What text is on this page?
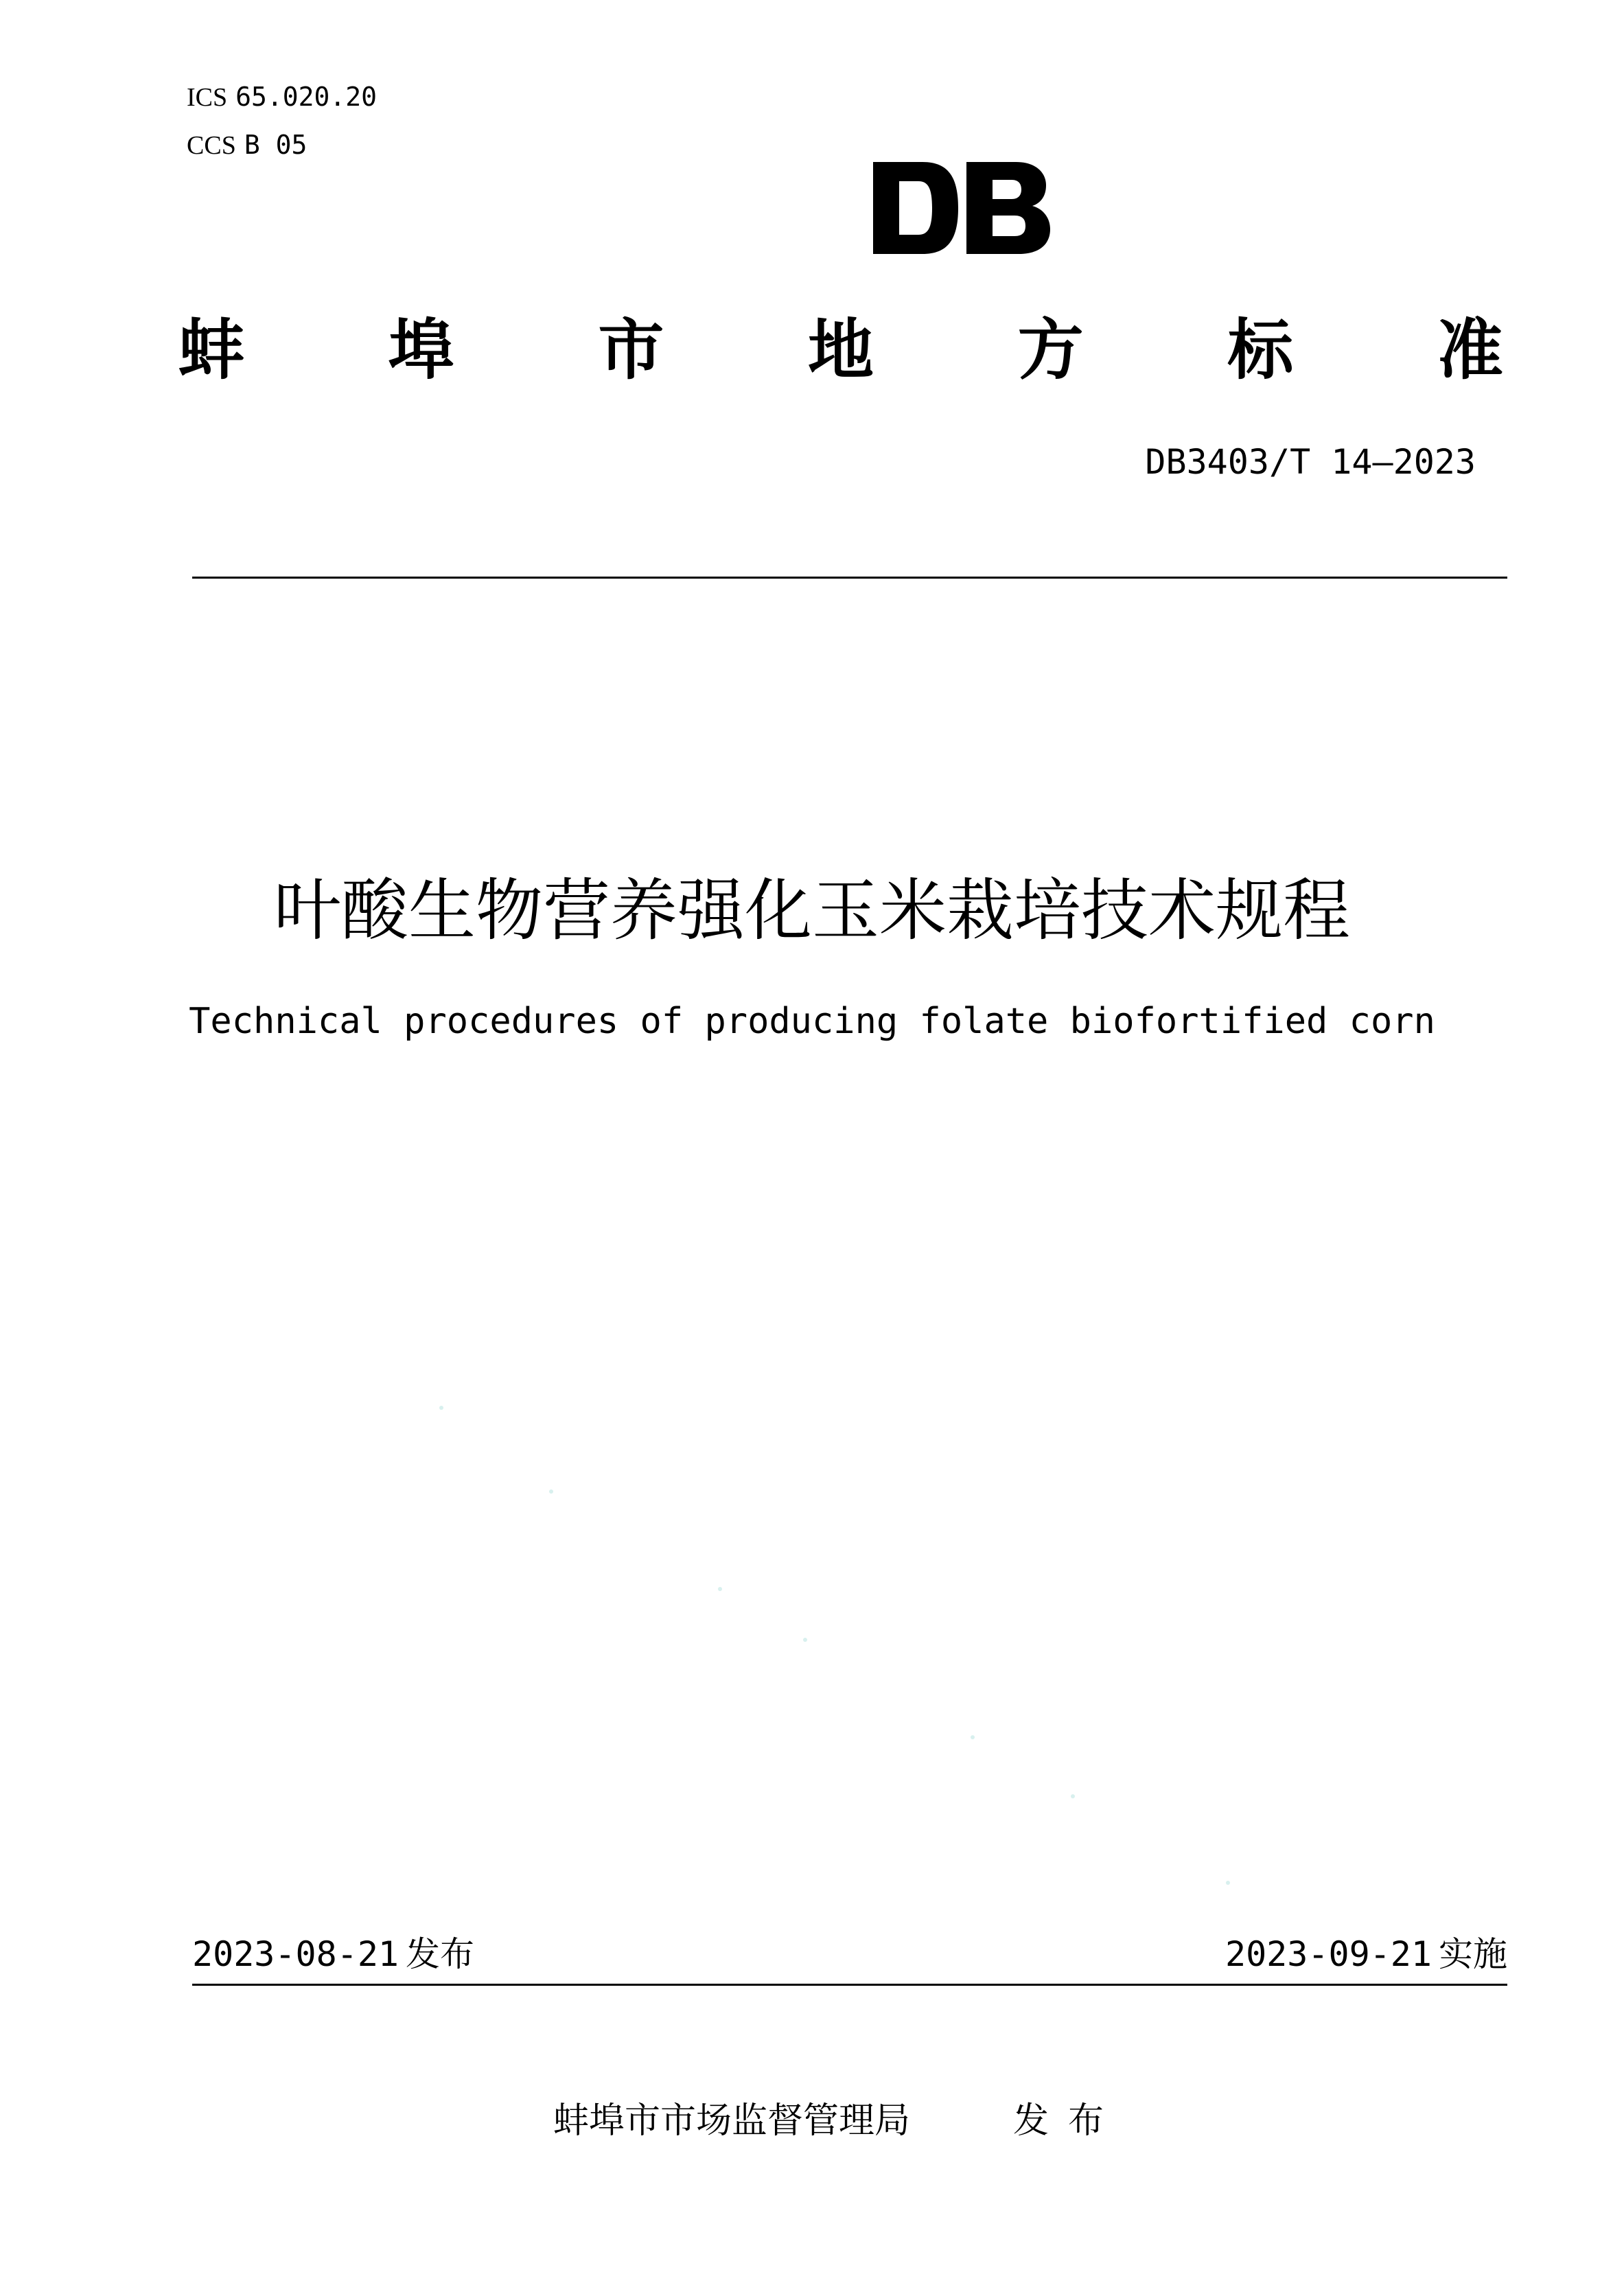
ICS 65.020.20
CCS B 05
蚌 埠 市 地 方 标 准
DB3403/T 14—2023
叶酸生物营养强化玉米栽培技术规程
Technical procedures of producing folate biofortified corn
2023-08-21 发布	2023-09-21 实施
蚌埠市市场监督管理局	发布
